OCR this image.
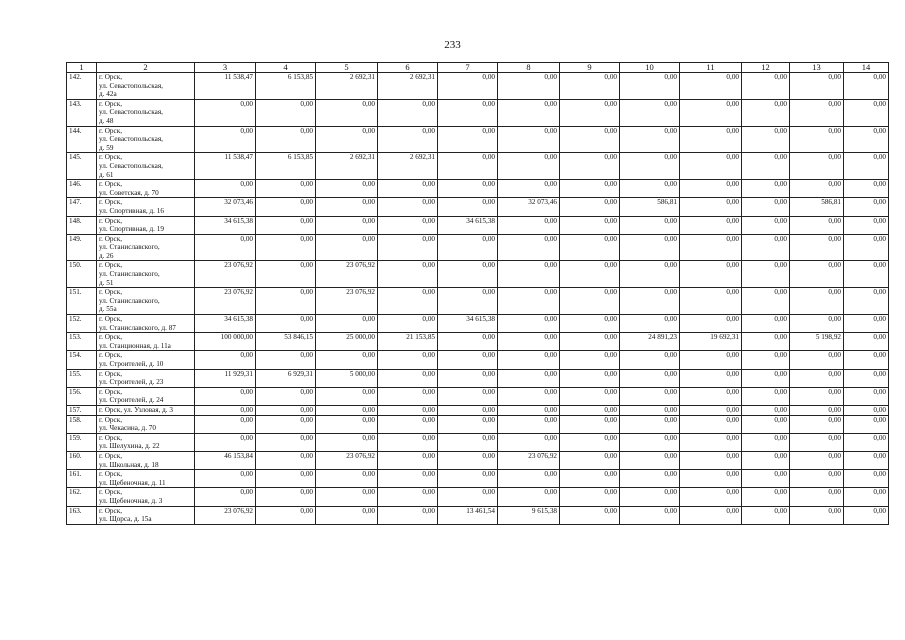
233
1	2	3	4	5	6	7	8	9	10	11	12	13	14
142.	г. Орск,
ул. Севастопольская,
д. 42а	11 538,47	6 153,85	2 692,31	2 692,31	0,00	0,00	0,00	0,00	0,00	0,00	0,00	0,00
143.	г. Орск,
ул. Севастопольская,
д. 48	0,00	0,00	0,00	0,00	0,00	0,00	0,00	0,00	0,00	0,00	0,00	0,00
144.	г. Орск,
ул. Севастопольская,
д. 59	0,00	0,00	0,00	0,00	0,00	0,00	0,00	0,00	0,00	0,00	0,00	0,00
145.	г. Орск,
ул. Севастопольская,
д. 61	11 538,47	6 153,85	2 692,31	2 692,31	0,00	0,00	0,00	0,00	0,00	0,00	0,00	0,00
146.	г. Орск,
ул. Советская, д. 70	0,00	0,00	0,00	0,00	0,00	0,00	0,00	0,00	0,00	0,00	0,00	0,00
147.	г. Орск,
ул. Спортивная, д. 16	32 073,46	0,00	0,00	0,00	0,00	32 073,46	0,00	586,81	0,00	0,00	586,81	0,00
148.	г. Орск,
ул. Спортивная, д. 19	34 615,38	0,00	0,00	0,00	34 615,38	0,00	0,00	0,00	0,00	0,00	0,00	0,00
149.	г. Орск,
ул. Станиславского,
д. 26	0,00	0,00	0,00	0,00	0,00	0,00	0,00	0,00	0,00	0,00	0,00	0,00
150.	г. Орск,
ул. Станиславского,
д. 51	23 076,92	0,00	23 076,92	0,00	0,00	0,00	0,00	0,00	0,00	0,00	0,00	0,00
151.	г. Орск,
ул. Станиславского,
д. 55а	23 076,92	0,00	23 076,92	0,00	0,00	0,00	0,00	0,00	0,00	0,00	0,00	0,00
152.	г. Орск,
ул. Станиславского, д. 87	34 615,38	0,00	0,00	0,00	34 615,38	0,00	0,00	0,00	0,00	0,00	0,00	0,00
153.	г. Орск,
ул. Станционная, д. 11а	100 000,00	53 846,15	25 000,00	21 153,85	0,00	0,00	0,00	24 891,23	19 692,31	0,00	5 198,92	0,00
154.	г. Орск,
ул. Строителей, д. 10	0,00	0,00	0,00	0,00	0,00	0,00	0,00	0,00	0,00	0,00	0,00	0,00
155.	г. Орск,
ул. Строителей, д. 23	11 929,31	6 929,31	5 000,00	0,00	0,00	0,00	0,00	0,00	0,00	0,00	0,00	0,00
156.	г. Орск,
ул. Строителей, д. 24	0,00	0,00	0,00	0,00	0,00	0,00	0,00	0,00	0,00	0,00	0,00	0,00
157.	г. Орск, ул. Узловая, д. 3	0,00	0,00	0,00	0,00	0,00	0,00	0,00	0,00	0,00	0,00	0,00	0,00
158.	г. Орск,
ул. Чекасина, д. 70	0,00	0,00	0,00	0,00	0,00	0,00	0,00	0,00	0,00	0,00	0,00	0,00
159.	г. Орск,
ул. Шелухина, д. 22	0,00	0,00	0,00	0,00	0,00	0,00	0,00	0,00	0,00	0,00	0,00	0,00
160.	г. Орск,
ул. Школьная, д. 18	46 153,84	0,00	23 076,92	0,00	0,00	23 076,92	0,00	0,00	0,00	0,00	0,00	0,00
161.	г. Орск,
ул. Щебеночная, д. 11	0,00	0,00	0,00	0,00	0,00	0,00	0,00	0,00	0,00	0,00	0,00	0,00
162.	г. Орск,
ул. Щебеночная, д. 3	0,00	0,00	0,00	0,00	0,00	0,00	0,00	0,00	0,00	0,00	0,00	0,00
163.	г. Орск,
ул. Щорса, д. 15а	23 076,92	0,00	0,00	0,00	13 461,54	9 615,38	0,00	0,00	0,00	0,00	0,00	0,00
